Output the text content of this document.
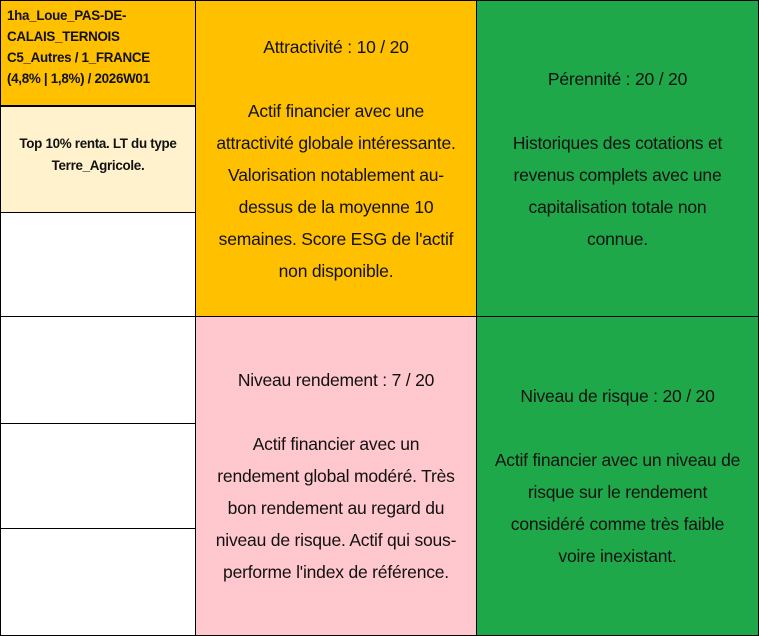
1ha_Loue_PAS-DE-
CALAIS_TERNOIS
C5_Autres / 1_FRANCE
(4,8% | 1,8%) / 2026W01
Top 10% renta. LT du type
Terre_Agricole.
Attractivité : 10 / 20
Actif financier avec une
attractivité globale intéressante.
Valorisation notablement au-
dessus de la moyenne 10
semaines. Score ESG de l'actif
non disponible.
Pérennité : 20 / 20
Historiques des cotations et
revenus complets avec une
capitalisation totale non
connue.
Niveau rendement : 7 / 20
Actif financier avec un
rendement global modéré. Très
bon rendement au regard du
niveau de risque. Actif qui sous-
performe l'index de référence.
Niveau de risque : 20 / 20
Actif financier avec un niveau de
risque sur le rendement
considéré comme très faible
voire inexistant.
